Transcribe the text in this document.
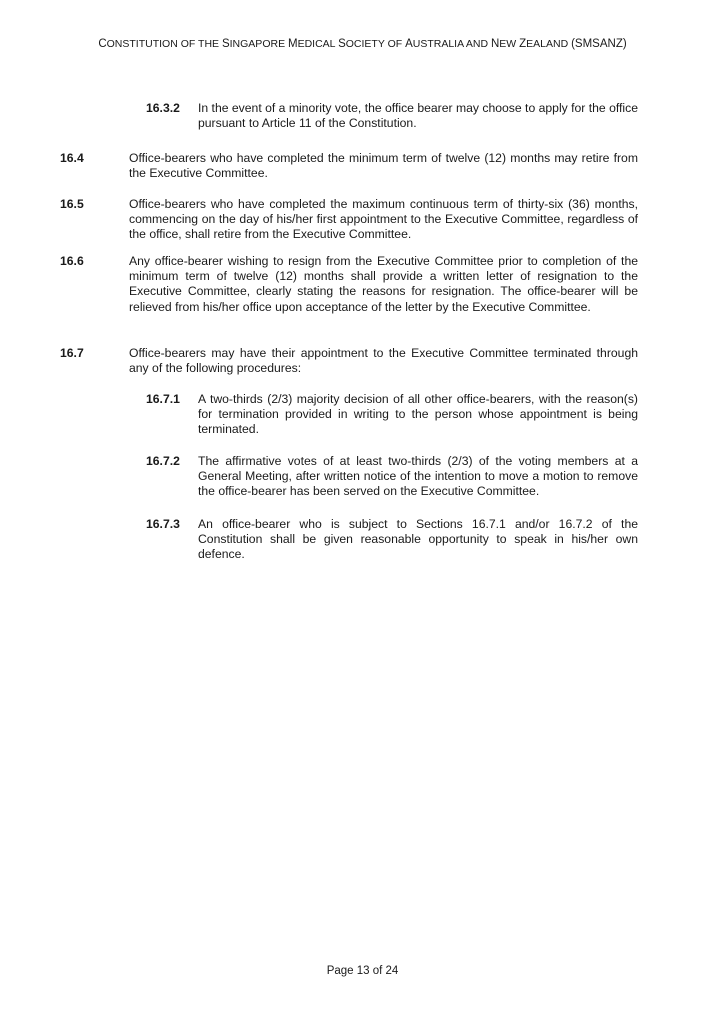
CONSTITUTION OF THE SINGAPORE MEDICAL SOCIETY OF AUSTRALIA AND NEW ZEALAND (SMSANZ)
16.3.2 In the event of a minority vote, the office bearer may choose to apply for the office pursuant to Article 11 of the Constitution.
16.4	Office-bearers who have completed the minimum term of twelve (12) months may retire from the Executive Committee.
16.5	Office-bearers who have completed the maximum continuous term of thirty-six (36) months, commencing on the day of his/her first appointment to the Executive Committee, regardless of the office, shall retire from the Executive Committee.
16.6	Any office-bearer wishing to resign from the Executive Committee prior to completion of the minimum term of twelve (12) months shall provide a written letter of resignation to the Executive Committee, clearly stating the reasons for resignation. The office-bearer will be relieved from his/her office upon acceptance of the letter by the Executive Committee.
16.7	Office-bearers may have their appointment to the Executive Committee terminated through any of the following procedures:
16.7.1 A two-thirds (2/3) majority decision of all other office-bearers, with the reason(s) for termination provided in writing to the person whose appointment is being terminated.
16.7.2 The affirmative votes of at least two-thirds (2/3) of the voting members at a General Meeting, after written notice of the intention to move a motion to remove the office-bearer has been served on the Executive Committee.
16.7.3 An office-bearer who is subject to Sections 16.7.1 and/or 16.7.2 of the Constitution shall be given reasonable opportunity to speak in his/her own defence.
Page 13 of 24
